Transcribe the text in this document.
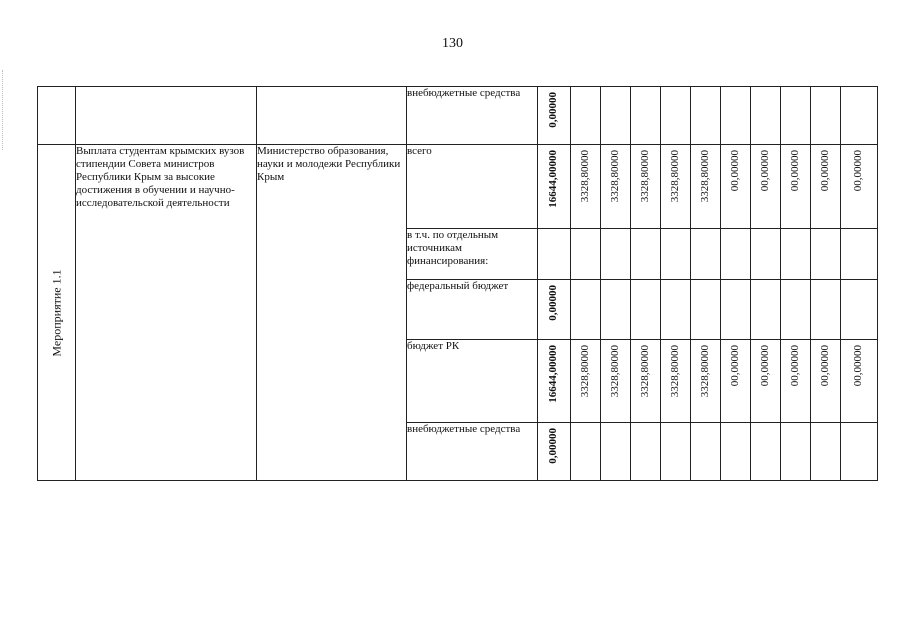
130
			внебюджетные средства	0,00000										

Мероприятие 1.1	Выплата студентам крымских вузов стипендии Совета министров Республики Крым за высокие достижения в обучении и научно-исследовательской деятельности	Министерство образования, науки и молодежи Республики Крым	всего	16644,00000	3328,80000	3328,80000	3328,80000	3328,80000	3328,80000	00,00000	00,00000	00,00000	00,00000	00,00000

			в т.ч. по отдельным источникам финансирования:	

			федеральный бюджет	0,00000										

			бюджет РК	16644,00000	3328,80000	3328,80000	3328,80000	3328,80000	3328,80000	00,00000	00,00000	00,00000	00,00000	00,00000

			внебюджетные средства	0,00000										
